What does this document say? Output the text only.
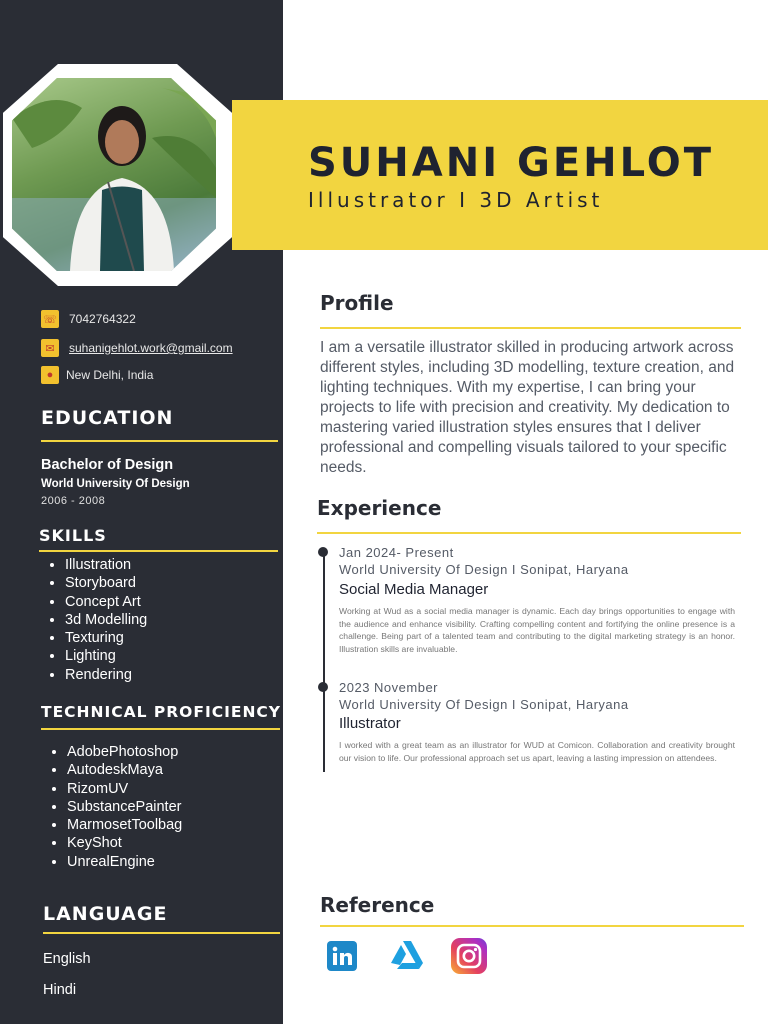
SUHANI GEHLOT
Illustrator I 3D Artist
☏ 7042764322
✉	suhanigehlot.work@gmail.com
●	New Delhi, India
EDUCATION
Bachelor of Design
World University Of Design
2006 - 2008
SKILLS
• Illustration
• Storyboard
• Concept Art
• 3d Modelling
• Texturing
• Lighting
• Rendering
TECHNICAL PROFICIENCY
• AdobePhotoshop
• AutodeskMaya
• RizomUV
• SubstancePainter
• MarmosetToolbag
• KeyShot
• UnrealEngine
LANGUAGE
English
Hindi
Profile
I am a versatile illustrator skilled in producing artwork across different styles, including 3D modelling, texture creation, and lighting techniques. With my expertise, I can bring your projects to life with precision and creativity. My dedication to mastering varied illustration styles ensures that I deliver professional and compelling visuals tailored to your specific needs.
Experience
Jan 2024- Present
World University Of Design I Sonipat, Haryana
Social Media Manager
Working at Wud as a social media manager is dynamic. Each day brings opportunities to engage with the audience and enhance visibility. Crafting compelling content and fortifying the online presence is a challenge. Being part of a talented team and contributing to the digital marketing strategy is an honor. Illustration skills are invaluable.
2023 November
World University Of Design I Sonipat, Haryana
Illustrator
I worked with a great team as an illustrator for WUD at Comicon. Collaboration and creativity brought our vision to life. Our professional approach set us apart, leaving a lasting impression on attendees.
Reference
